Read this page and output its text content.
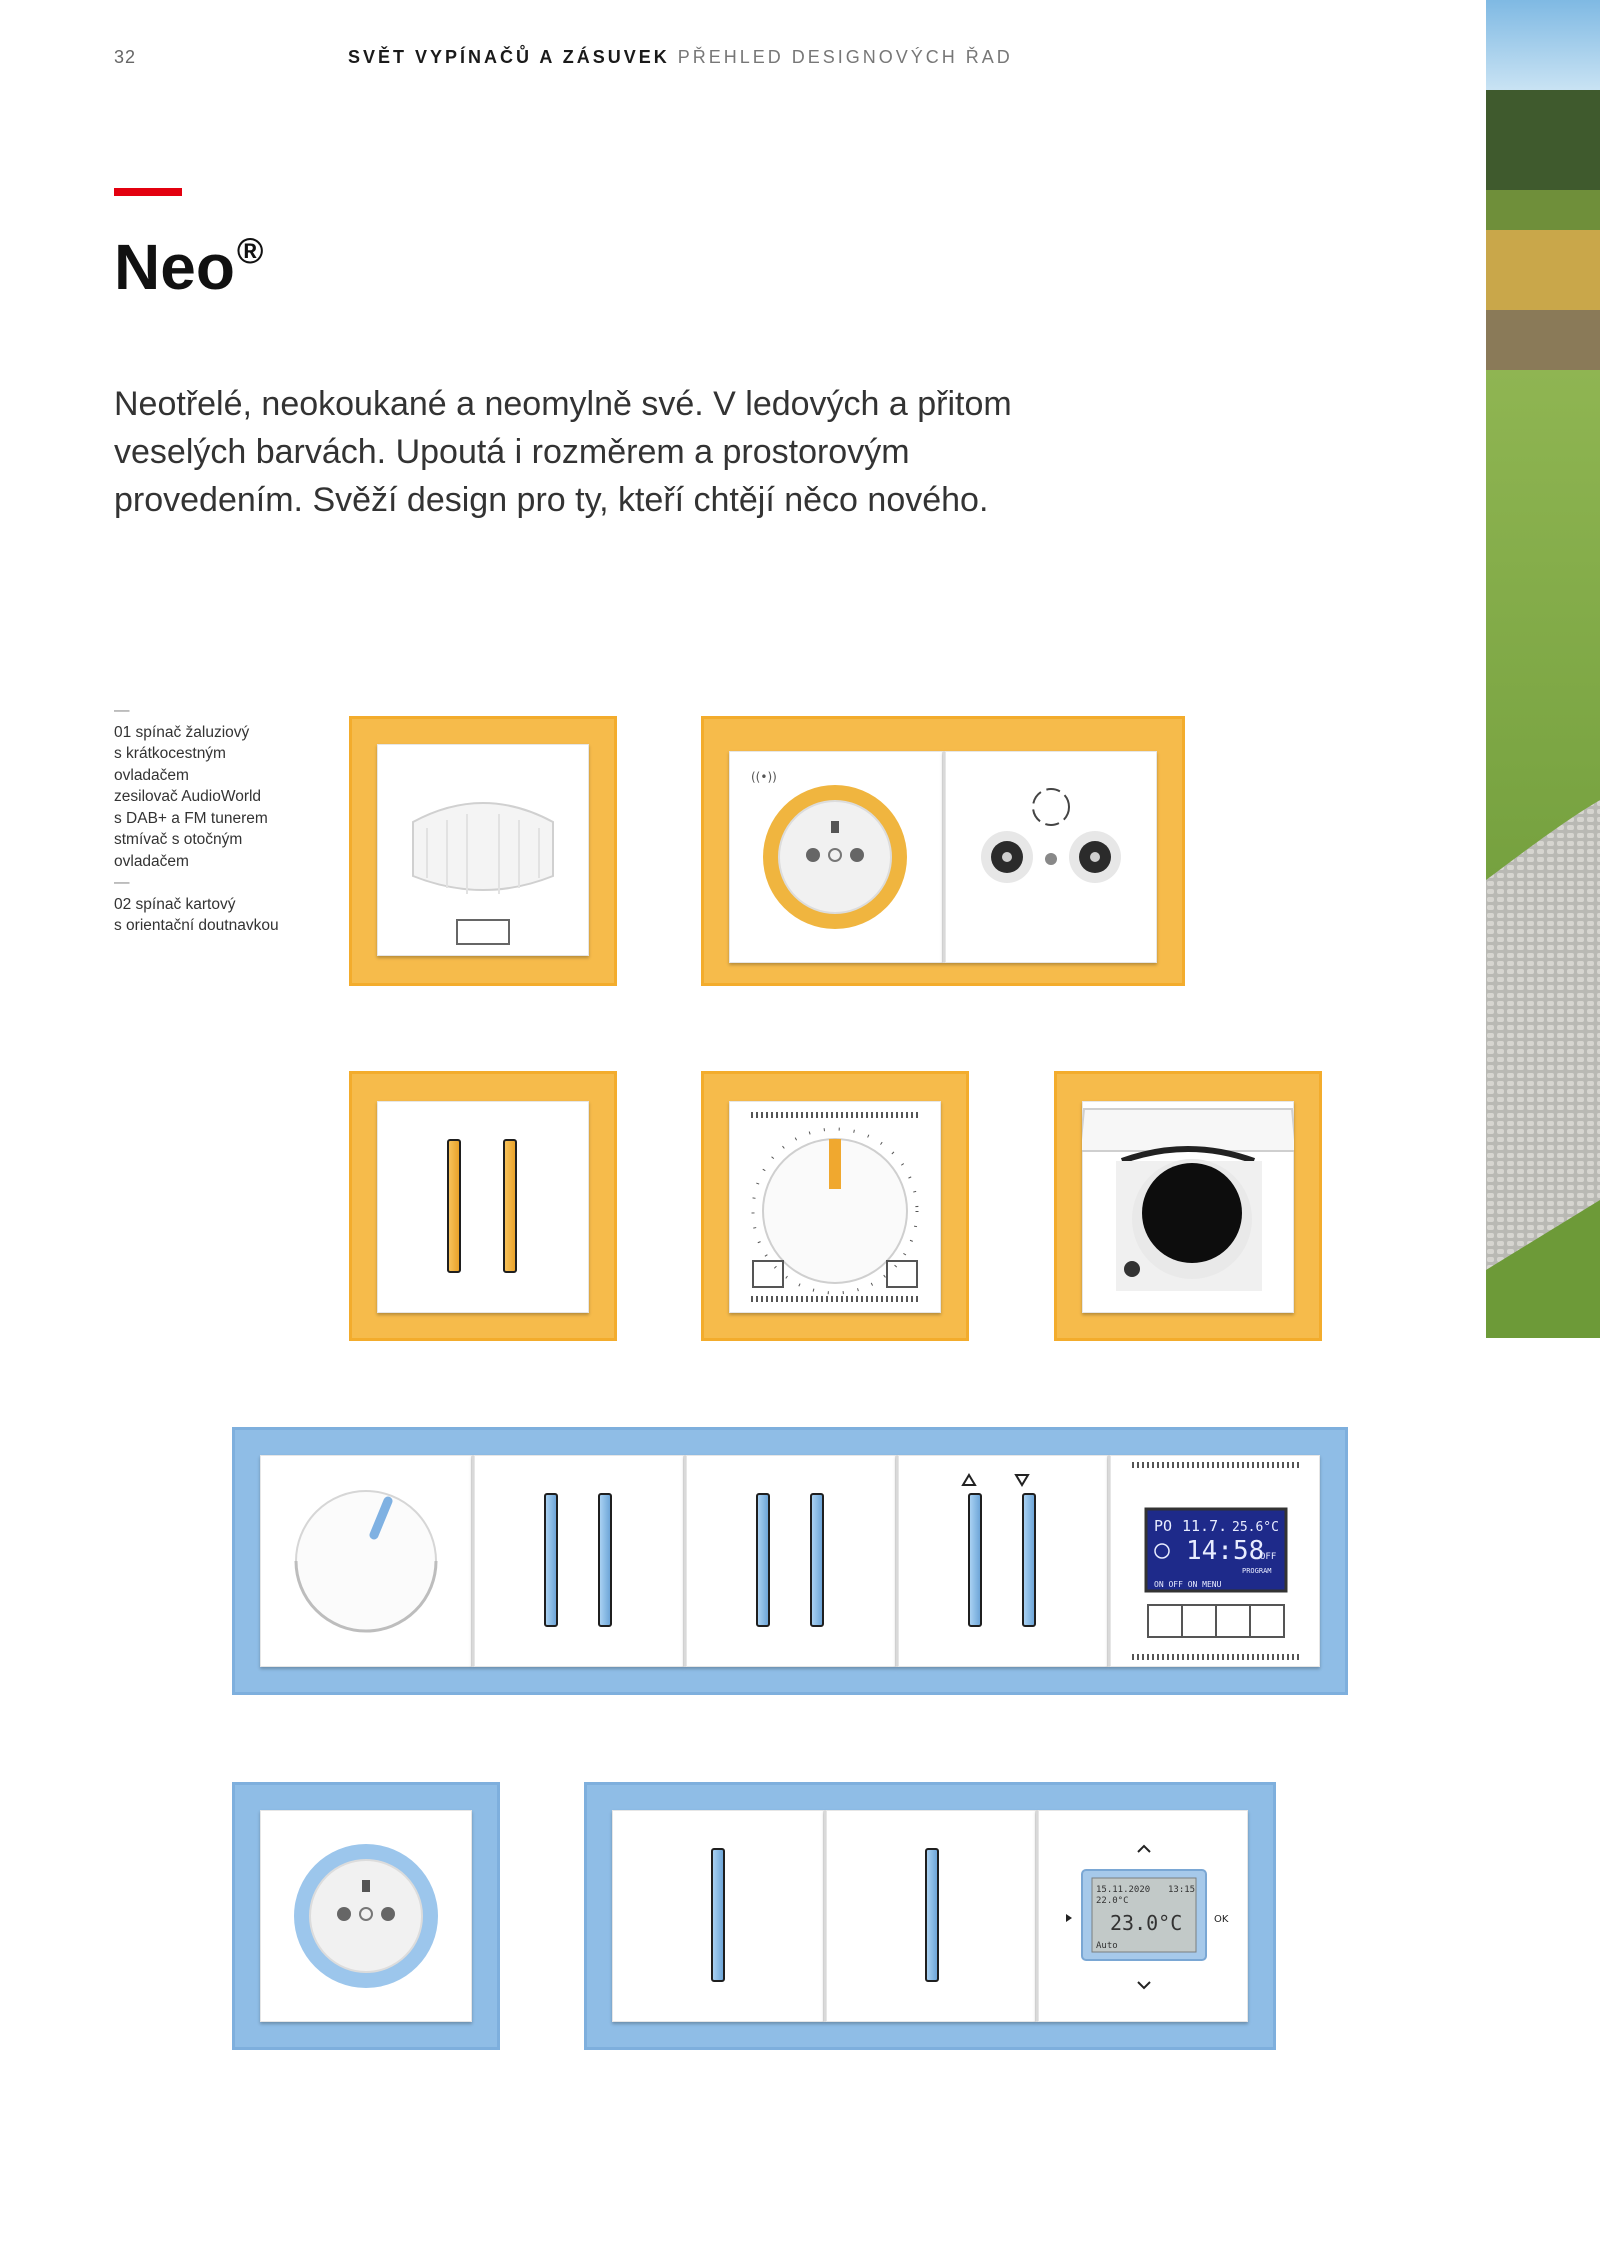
32	SVĚT VYPÍNAČŮ A ZÁSUVEK PŘEHLED DESIGNOVÝCH ŘAD
Neo®

Neotřelé, neokoukané a neomylně své. V ledových a přitom

veselých barvách. Upoutá i rozměrem a prostorovým

provedením. Svěží design pro ty, kteří chtějí něco nového.

—
01 spínač žaluziový
s krátkocestným
ovladačem
zesilovač AudioWorld
s DAB+ a FM tunerem
stmívač s otočným
ovladačem
—
02 spínač kartový
s orientační doutnavkou
((•))
PO 11.7. 25.6°C
14:58
OFF
PROGRAM
ON OFF ON MENU
OK
15.11.2020 13:15
22.0°C
23.0°C
Auto
